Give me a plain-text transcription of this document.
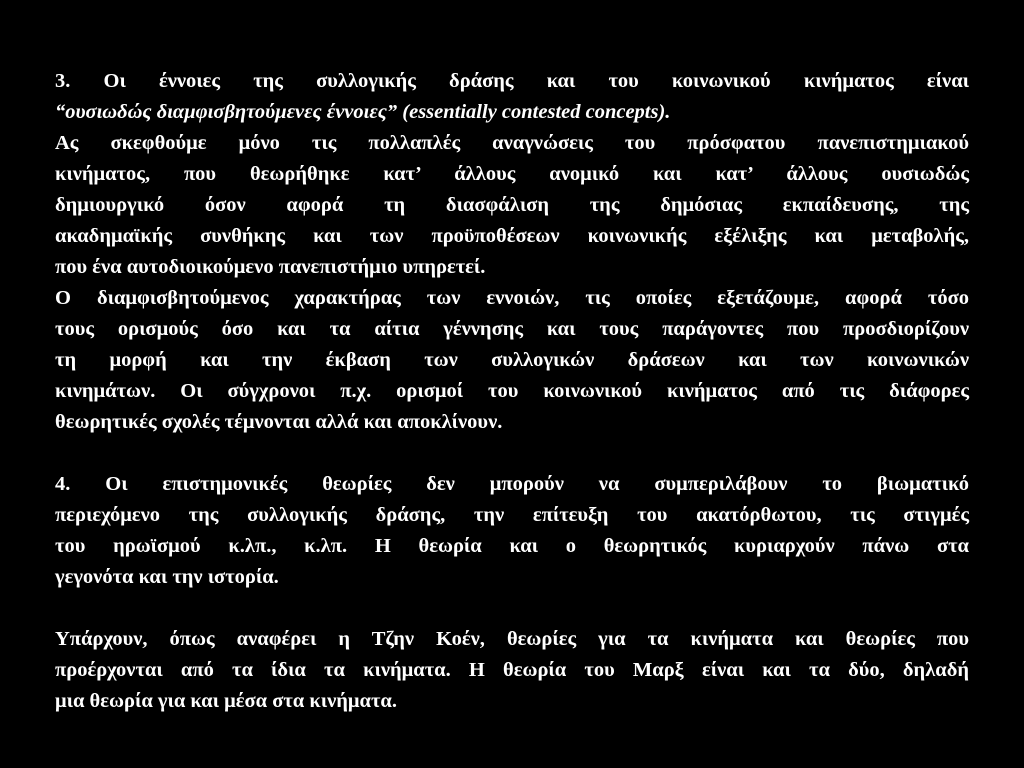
3. Οι έννοιες της συλλογικής δράσης και του κοινωνικού κινήματος είναι
“ουσιωδώς διαμφισβητούμενες έννοιες” (essentially contested concepts).
Ας σκεφθούμε μόνο τις πολλαπλές αναγνώσεις του πρόσφατου πανεπιστημιακού
κινήματος, που θεωρήθηκε κατ’ άλλους ανομικό και κατ’ άλλους ουσιωδώς
δημιουργικό όσον αφορά τη διασφάλιση της δημόσιας εκπαίδευσης, της
ακαδημαϊκής συνθήκης και των προϋποθέσεων κοινωνικής εξέλιξης και μεταβολής,
που ένα αυτοδιοικούμενο πανεπιστήμιο υπηρετεί.
Ο διαμφισβητούμενος χαρακτήρας των εννοιών, τις οποίες εξετάζουμε, αφορά τόσο
τους ορισμούς όσο και τα αίτια γέννησης και τους παράγοντες που προσδιορίζουν
τη μορφή και την έκβαση των συλλογικών δράσεων και των κοινωνικών
κινημάτων. Οι σύγχρονοι π.χ. ορισμοί του κοινωνικού κινήματος από τις διάφορες
θεωρητικές σχολές τέμνονται αλλά και αποκλίνουν.
4. Οι επιστημονικές θεωρίες δεν μπορούν να συμπεριλάβουν το βιωματικό
περιεχόμενο της συλλογικής δράσης, την επίτευξη του ακατόρθωτου, τις στιγμές
του ηρωϊσμού κ.λπ., κ.λπ. Η θεωρία και ο θεωρητικός κυριαρχούν πάνω στα
γεγονότα και την ιστορία.
Υπάρχουν, όπως αναφέρει η Τζην Κοέν, θεωρίες για τα κινήματα και θεωρίες που
προέρχονται από τα ίδια τα κινήματα. Η θεωρία του Μαρξ είναι και τα δύο, δηλαδή
μια θεωρία για και μέσα στα κινήματα.
